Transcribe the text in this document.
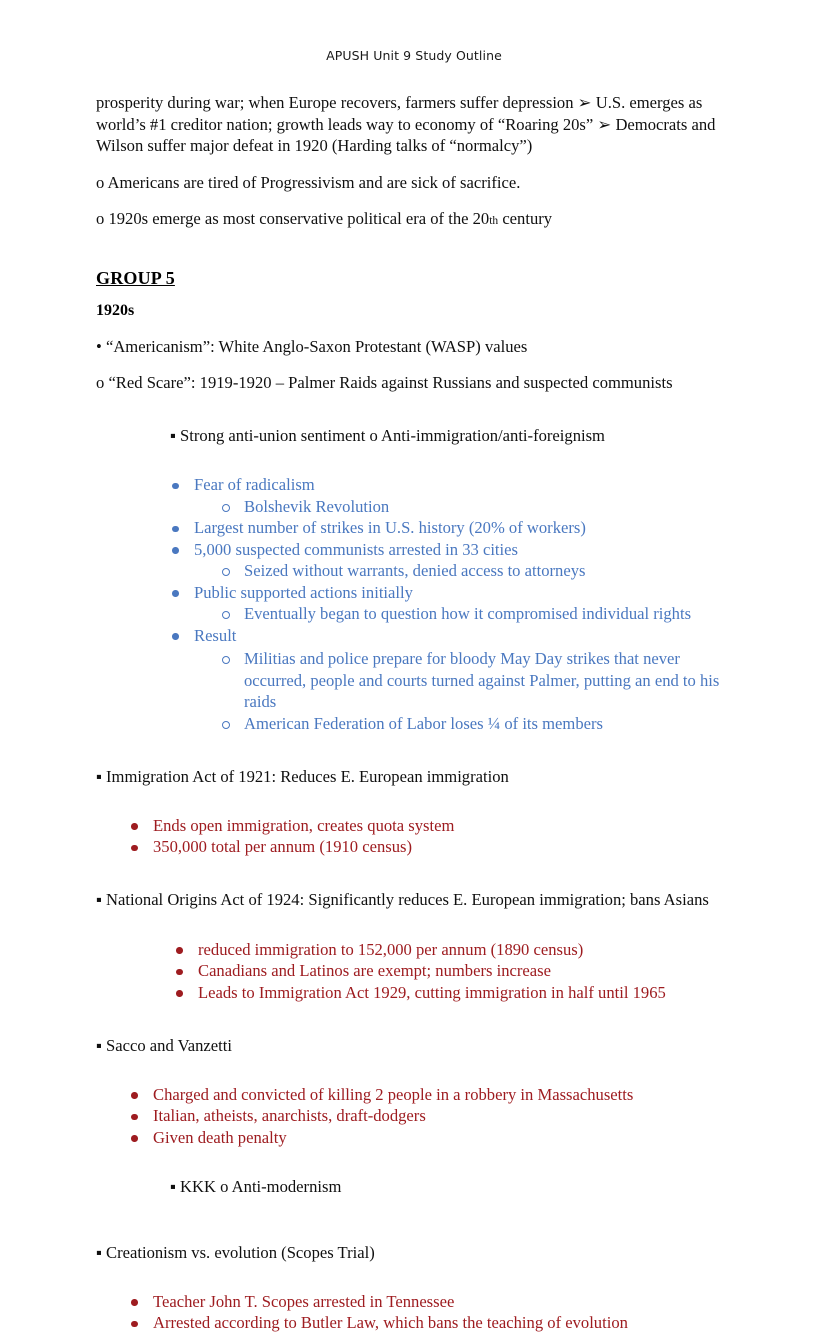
APUSH Unit 9 Study Outline

prosperity during war; when Europe recovers, farmers suffer depression ➢ U.S. emerges as world’s #1 creditor nation; growth leads way to economy of “Roaring 20s” ➢ Democrats and Wilson suffer major defeat in 1920 (Harding talks of “normalcy”)

o Americans are tired of Progressivism and are sick of sacrifice.

o 1920s emerge as most conservative political era of the 20th century

GROUP 5
1920s

• “Americanism”: White Anglo-Saxon Protestant (WASP) values

o “Red Scare”: 1919-1920 – Palmer Raids against Russians and suspected communists

▪ Strong anti-union sentiment o Anti-immigration/anti-foreignism

Fear of radicalism
Bolshevik Revolution
Largest number of strikes in U.S. history (20% of workers)
5,000 suspected communists arrested in 33 cities
Seized without warrants, denied access to attorneys
Public supported actions initially
Eventually began to question how it compromised individual rights
Result
Militias and police prepare for bloody May Day strikes that never occurred, people and courts turned against Palmer, putting an end to his raids
American Federation of Labor loses ¼ of its members

▪ Immigration Act of 1921: Reduces E. European immigration

Ends open immigration, creates quota system
350,000 total per annum (1910 census)

▪ National Origins Act of 1924: Significantly reduces E. European immigration; bans Asians

reduced immigration to 152,000 per annum (1890 census)
Canadians and Latinos are exempt; numbers increase
Leads to Immigration Act 1929, cutting immigration in half until 1965

▪ Sacco and Vanzetti

Charged and convicted of killing 2 people in a robbery in Massachusetts
Italian, atheists, anarchists, draft-dodgers
Given death penalty

▪ KKK o Anti-modernism

▪ Creationism vs. evolution (Scopes Trial)

Teacher John T. Scopes arrested in Tennessee
Arrested according to Butler Law, which bans the teaching of evolution
